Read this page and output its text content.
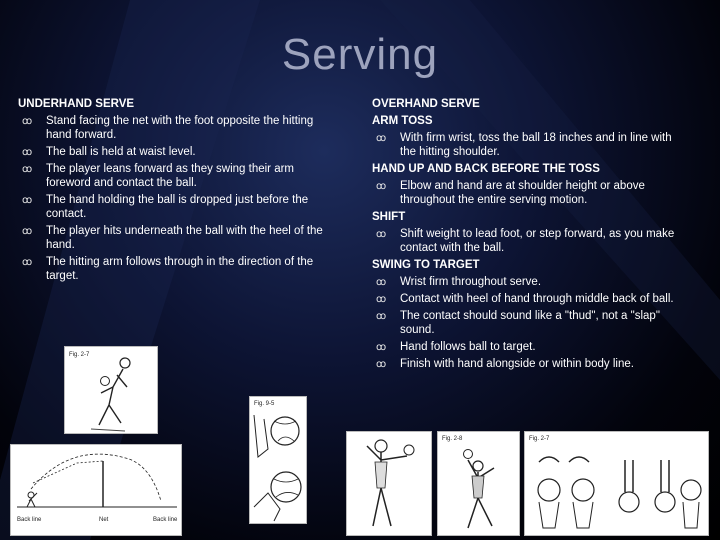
Serving
UNDERHAND SERVE
ꝏ Stand facing the net with the foot opposite the hitting hand forward.
ꝏ The ball is held at waist level.
ꝏ The player leans forward as they swing their arm foreword and contact the ball.
ꝏ The hand holding the ball is dropped just before the contact.
ꝏ The player hits underneath the ball with the heel of the hand.
ꝏ The hitting arm follows through in the direction of the target.
OVERHAND SERVE
ARM TOSS
ꝏ With firm wrist, toss the ball 18 inches and in line with the hitting shoulder.
HAND UP AND BACK BEFORE THE TOSS
ꝏ Elbow and hand are at shoulder height or above throughout the entire serving motion.
SHIFT
ꝏ Shift weight to lead foot, or step forward, as you make contact with the ball.
SWING TO TARGET
ꝏ Wrist firm throughout serve.
ꝏ Contact with heel of hand through middle back of ball.
ꝏ The contact should sound like a "thud", not a "slap" sound.
ꝏ Hand follows ball to target.
ꝏ Finish with hand alongside or within body line.
Fig. 2-7
Fig. 9-5
Back line	Net	Back line
Fig. 2-8	Fig. 2-7
